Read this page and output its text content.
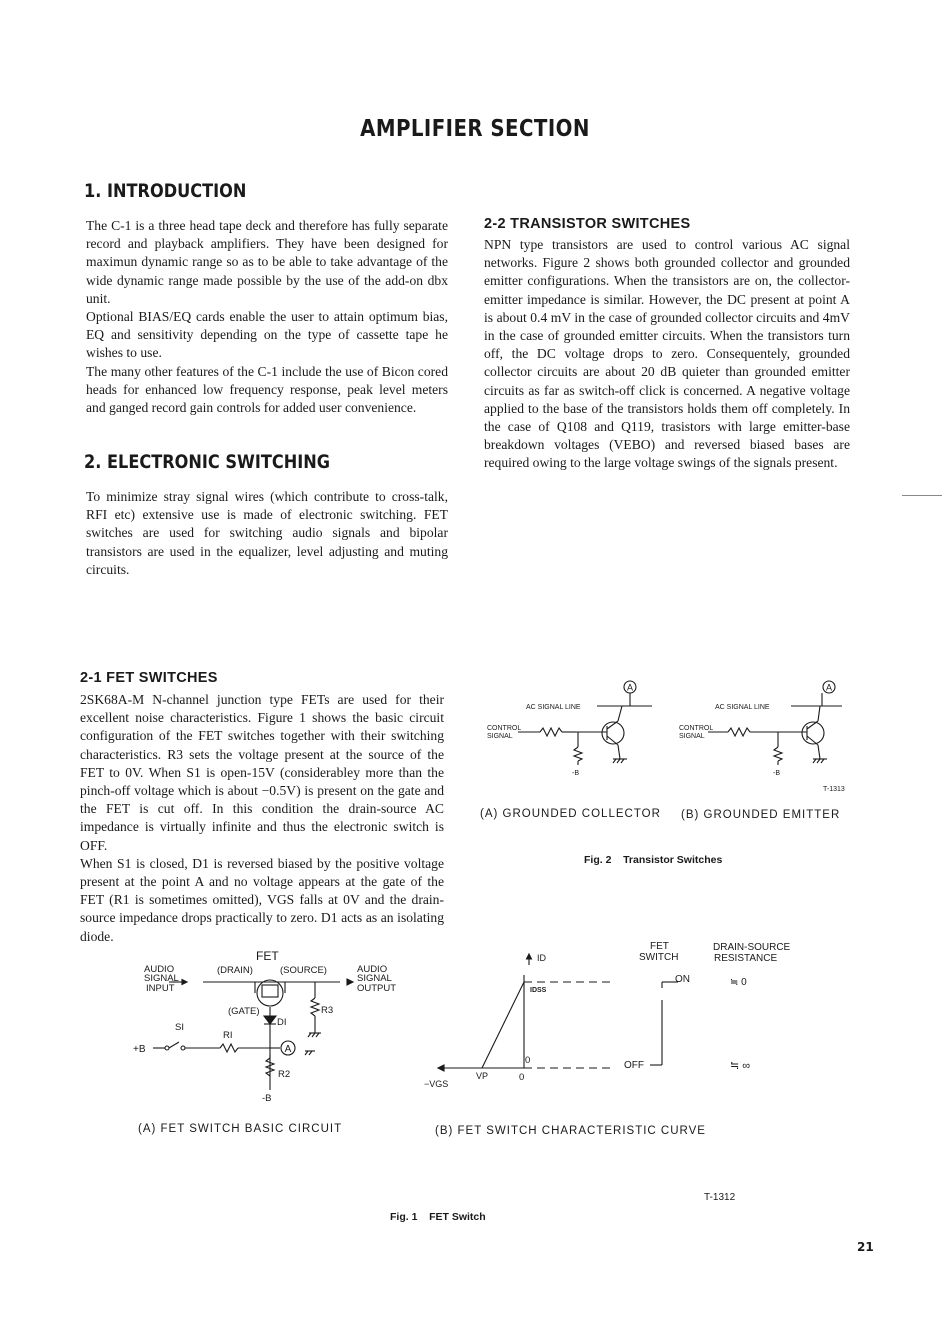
AMPLIFIER SECTION
1. INTRODUCTION

The C-1 is a three head tape deck and therefore has fully separate record and playback amplifiers. They have been designed for maximun dynamic range so as to be able to take advantage of the wide dynamic range made possible by the use of the add-on dbx unit.

Optional BIAS/EQ cards enable the user to attain optimum bias, EQ and sensitivity depending on the type of cassette tape he wishes to use.

The many other features of the C-1 include the use of Bicon cored heads for enhanced low frequency response, peak level meters and ganged record gain controls for added user convenience.

2. ELECTRONIC SWITCHING

To minimize stray signal wires (which contribute to cross-talk, RFI etc) extensive use is made of electronic switching. FET switches are used for switching audio signals and bipolar transistors are used in the equalizer, level adjusting and muting circuits.

2-2 TRANSISTOR SWITCHES

NPN type transistors are used to control various AC signal networks. Figure 2 shows both grounded collector and grounded emitter configurations. When the transistors are on, the collector-emitter impedance is similar. However, the DC present at point A is about 0.4 mV in the case of grounded collector circuits and 4mV in the case of grounded emitter circuits. When the transistors turn off, the DC voltage drops to zero. Consequentely, grounded collector circuits are about 20 dB quieter than grounded emitter circuits as far as switch-off click is concerned. A negative voltage applied to the base of the transistors holds them off completely. In the case of Q108 and Q119, trasistors with large emitter-base breakdown voltages (VEBO) and reversed biased bases are required owing to the large voltage swings of the signals present.

2-1 FET SWITCHES

2SK68A-M N-channel junction type FETs are used for their excellent noise characteristics. Figure 1 shows the basic circuit configuration of the FET switches together with their switching characteristics. R3 sets the voltage present at the source of the FET to 0V. When S1 is open-15V (considerabley more than the pinch-off voltage which is about −0.5V) is present on the gate and the FET is cut off. In this condition the drain-source AC impedance is virtually infinite and thus the electronic switch is OFF.

When S1 is closed, D1 is reversed biased by the positive voltage present at the point A and no voltage appears at the gate of the FET (R1 is sometimes omitted), VGS falls at 0V and the drain-source impedance drops practically to zero. D1 acts as an isolating diode.

A
AC SIGNAL LINE
CONTROL
SIGNAL
-B
A
AC SIGNAL LINE
CONTROL
SIGNAL
-B
T-1313
(A) GROUNDED COLLECTOR (B) GROUNDED EMITTER
Fig. 2    Transistor Switches
FET
AUDIO
SIGNAL
INPUT
(DRAIN)	(SOURCE)	AUDIO
SIGNAL
OUTPUT
(GATE)	R3
DI
SI
RI
+B	A
R2
-B
ID
IDSS
0
VP	0
−VGS
FET
SWITCH
DRAIN-SOURCE
RESISTANCE
ON	≒ 0
OFF	≒ ∞
(A) FET SWITCH BASIC CIRCUIT	(B) FET SWITCH CHARACTERISTIC CURVE
T-1312
Fig. 1    FET Switch
21
